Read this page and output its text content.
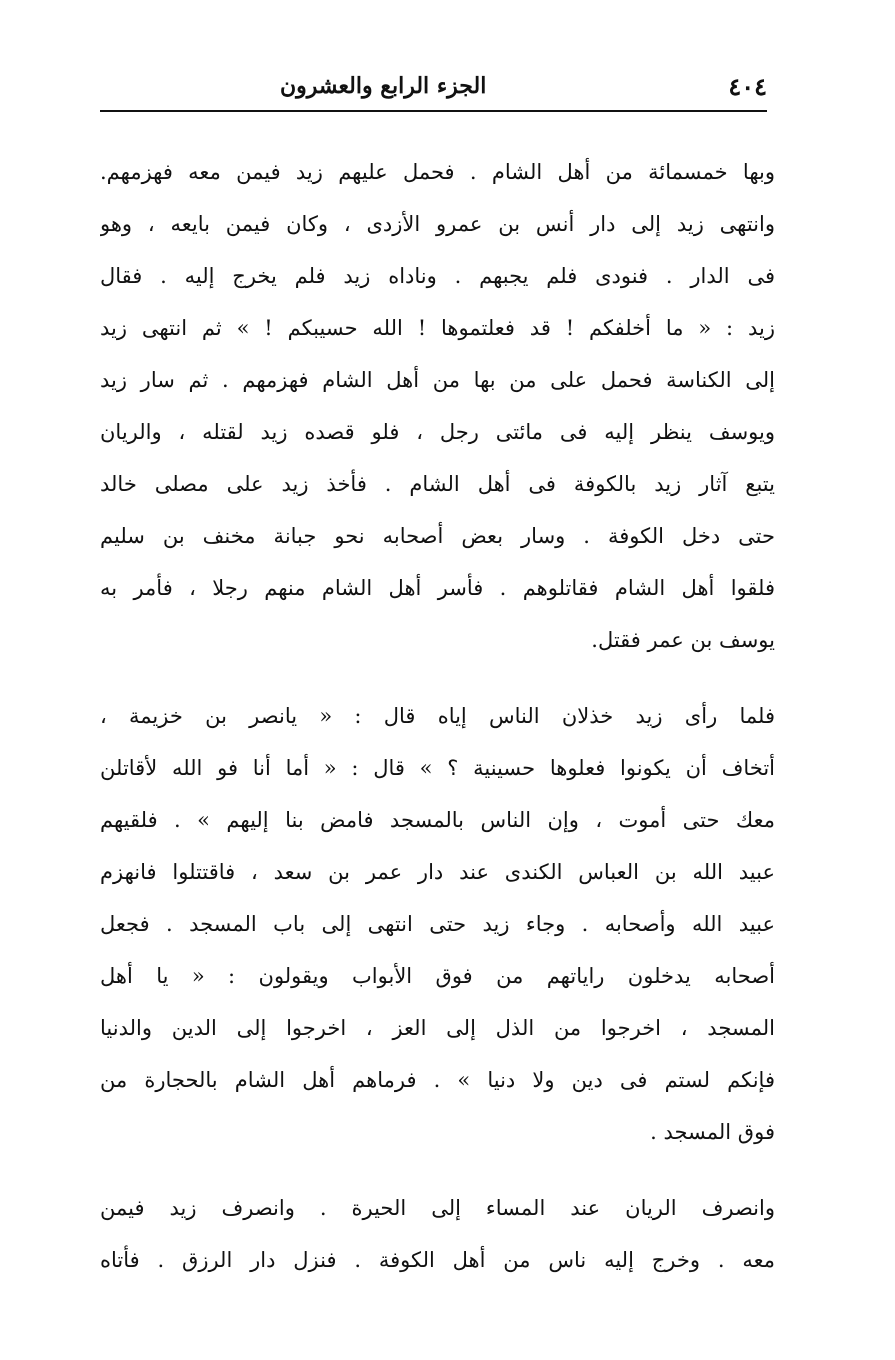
٤٠٤
الجزء الرابع والعشرون
وبها خمسمائة من أهل الشام . فحمل عليهم زيد فيمن معه فهزمهم.
وانتهى زيد إلى دار أنس بن عمرو الأزدى ، وكان فيمن بايعه ، وهو
فى الدار . فنودى فلم يجبهم . وناداه زيد فلم يخرج إليه . فقال
زيد : « ما أخلفكم ! قد فعلتموها ! الله حسيبكم ! » ثم انتهى زيد
إلى الكناسة فحمل على من بها من أهل الشام فهزمهم . ثم سار زيد
ويوسف ينظر إليه فى مائتى رجل ، فلو قصده زيد لقتله ، والريان
يتبع آثار زيد بالكوفة فى أهل الشام . فأخذ زيد على مصلى خالد
حتى دخل الكوفة . وسار بعض أصحابه نحو جبانة مخنف بن سليم
فلقوا أهل الشام فقاتلوهم . فأسر أهل الشام منهم رجلا ، فأمر به
يوسف بن عمر فقتل.
فلما رأى زيد خذلان الناس إياه قال : « يانصر بن خزيمة ،
أتخاف أن يكونوا فعلوها حسينية ؟ » قال : « أما أنا فو الله لأقاتلن
معك حتى أموت ، وإن الناس بالمسجد فامض بنا إليهم » . فلقيهم
عبيد الله بن العباس الكندى عند دار عمر بن سعد ، فاقتتلوا فانهزم
عبيد الله وأصحابه . وجاء زيد حتى انتهى إلى باب المسجد . فجعل
أصحابه يدخلون راياتهم من فوق الأبواب ويقولون : « يا أهل
المسجد ، اخرجوا من الذل إلى العز ، اخرجوا إلى الدين والدنيا
فإنكم لستم فى دين ولا دنيا » . فرماهم أهل الشام بالحجارة من
فوق المسجد .
وانصرف الريان عند المساء إلى الحيرة . وانصرف زيد فيمن
معه . وخرج إليه ناس من أهل الكوفة . فنزل دار الرزق . فأتاه
